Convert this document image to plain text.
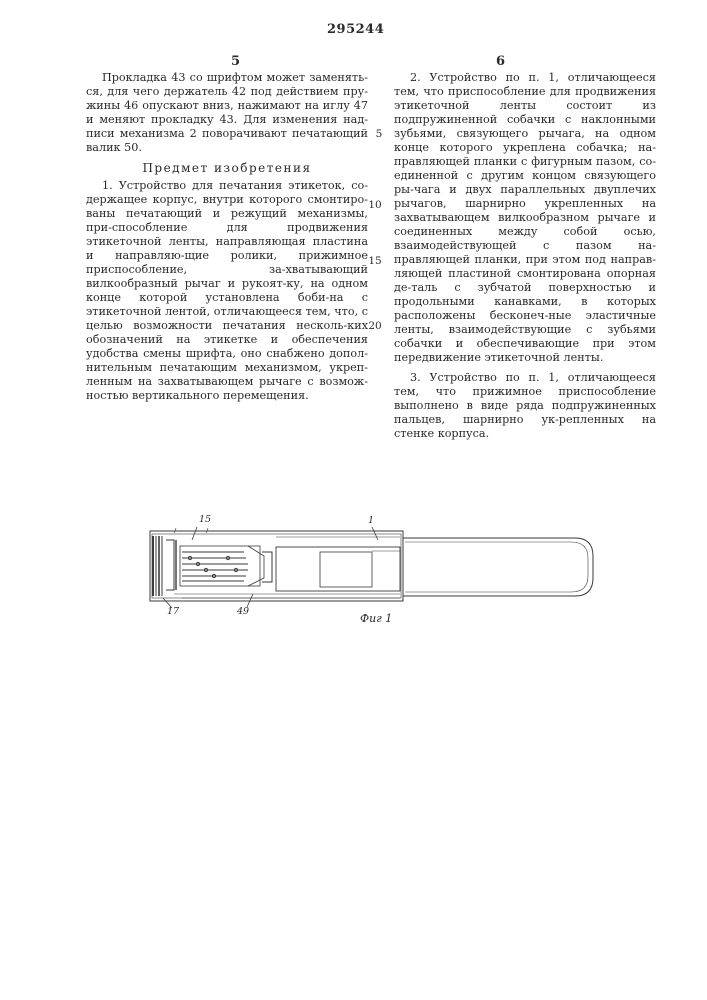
295244
5	6

Прокладка 43 со шрифтом может заменять-ся, для чего держатель 42 под действием пру-жины 46 опускают вниз, нажимают на иглу 47 и меняют прокладку 43. Для изменения над-писи механизма 2 поворачивают печатающий валик 50.

Предмет изобретения

1. Устройство для печатания этикеток, со-держащее корпус, внутри которого смонтиро-ваны печатающий и режущий механизмы, при-способление для продвижения этикеточной ленты, направляющая пластина и направляю-щие ролики, прижимное приспособление, за-хватывающий вилкообразный рычаг и рукоят-ку, на одном конце которой установлена боби-на с этикеточной лентой, отличающееся тем, что, с целью возможности печатания несколь-ких обозначений на этикетке и обеспечения удобства смены шрифта, оно снабжено допол-нительным печатающим механизмом, укреп-ленным на захватывающем рычаге с возмож-ностью вертикального перемещения.

2. Устройство по п. 1, отличающееся тем, что приспособление для продвижения этикеточной ленты состоит из подпружиненной собачки с наклонными зубьями, связующего рычага, на одном конце которого укреплена собачка; на-правляющей планки с фигурным пазом, со-единенной с другим концом связующего ры-чага и двух параллельных двуплечих рычагов, шарнирно укрепленных на захватывающем вилкообразном рычаге и соединенных между собой осью, взаимодействующей с пазом на-правляющей планки, при этом под направ-ляющей пластиной смонтирована опорная де-таль с зубчатой поверхностью и продольными канавками, в которых расположены бесконеч-ные эластичные ленты, взаимодействующие с зубьями собачки и обеспечивающие при этом передвижение этикеточной ленты.

3. Устройство по п. 1, отличающееся тем, что прижимное приспособление выполнено в виде ряда подпружиненных пальцев, шарнирно ук-репленных на стенке корпуса.

5
10
15
20
15	1
17	49
Фиг 1
